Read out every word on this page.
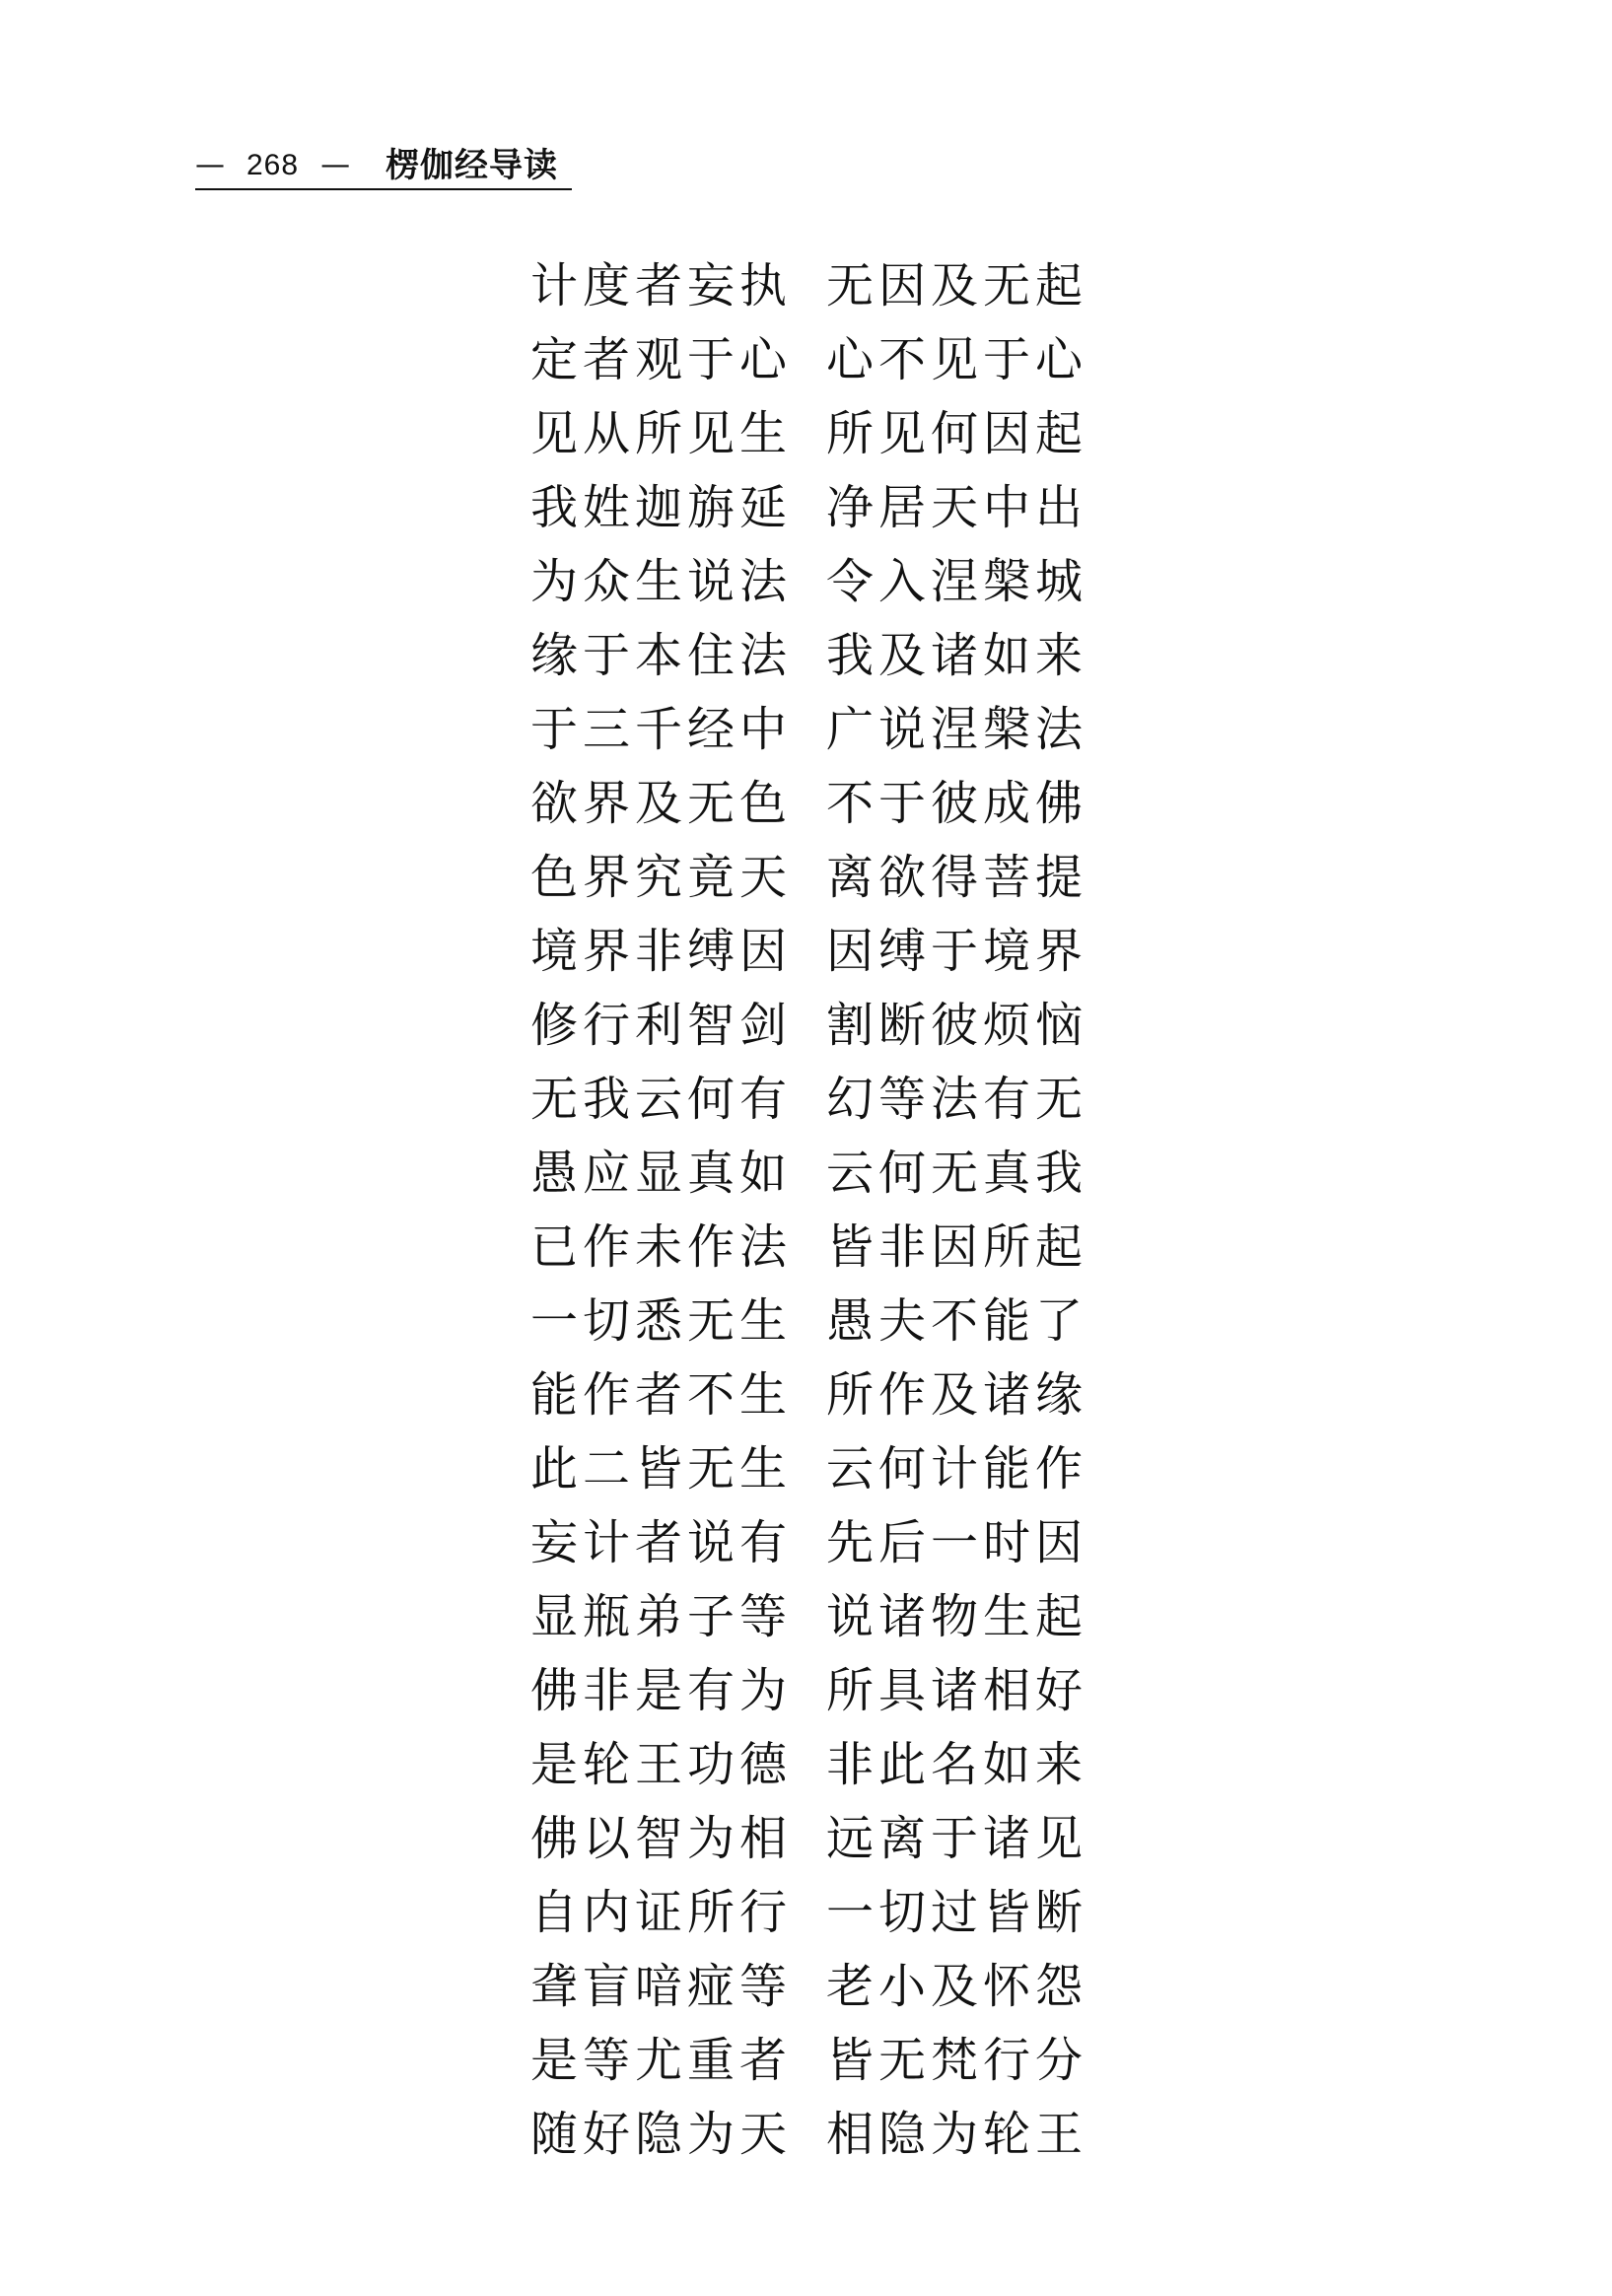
— 268 — 楞伽经导读
计度者妄执 无因及无起
定者观于心 心不见于心
见从所见生 所见何因起
我姓迦旃延 净居天中出
为众生说法 令入涅槃城
缘于本住法 我及诸如来
于三千经中 广说涅槃法
欲界及无色 不于彼成佛
色界究竟天 离欲得菩提
境界非缚因 因缚于境界
修行利智剑 割断彼烦恼
无我云何有 幻等法有无
愚应显真如 云何无真我
已作未作法 皆非因所起
一切悉无生 愚夫不能了
能作者不生 所作及诸缘
此二皆无生 云何计能作
妄计者说有 先后一时因
显瓶弟子等 说诸物生起
佛非是有为 所具诸相好
是轮王功德 非此名如来
佛以智为相 远离于诸见
自内证所行 一切过皆断
聋盲喑痖等 老小及怀怨
是等尤重者 皆无梵行分
随好隐为天 相隐为轮王
